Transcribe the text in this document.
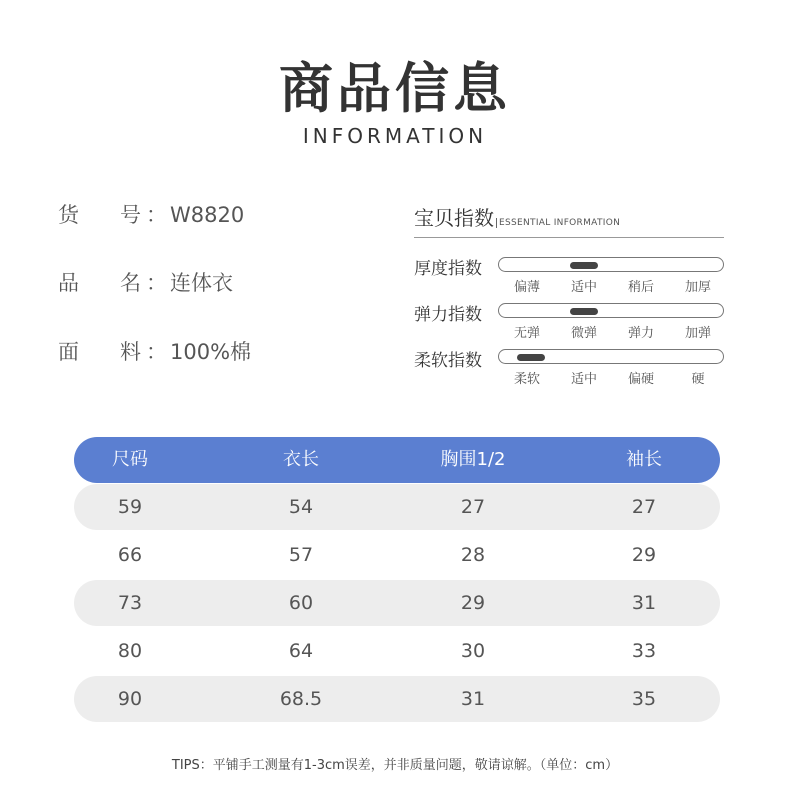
商品信息
INFORMATION
货 号 ： W8820
品 名 ： 连体衣
面 料 ： 100%棉
宝贝指数 ESSENTIAL INFORMATION
厚度指数
偏薄 适中 稍后 加厚
弹力指数
无弹 微弹 弹力 加弹
柔软指数
柔软 适中 偏硬	硬
尺码	衣长	胸围1/2	袖长
59	54	27	27
66	57	28	29
73	60	29	31
80	64	30	33
90	68.5	31	35
TIPS：平铺手工测量有1-3cm误差，并非质量问题，敬请谅解。（单位：cm）
